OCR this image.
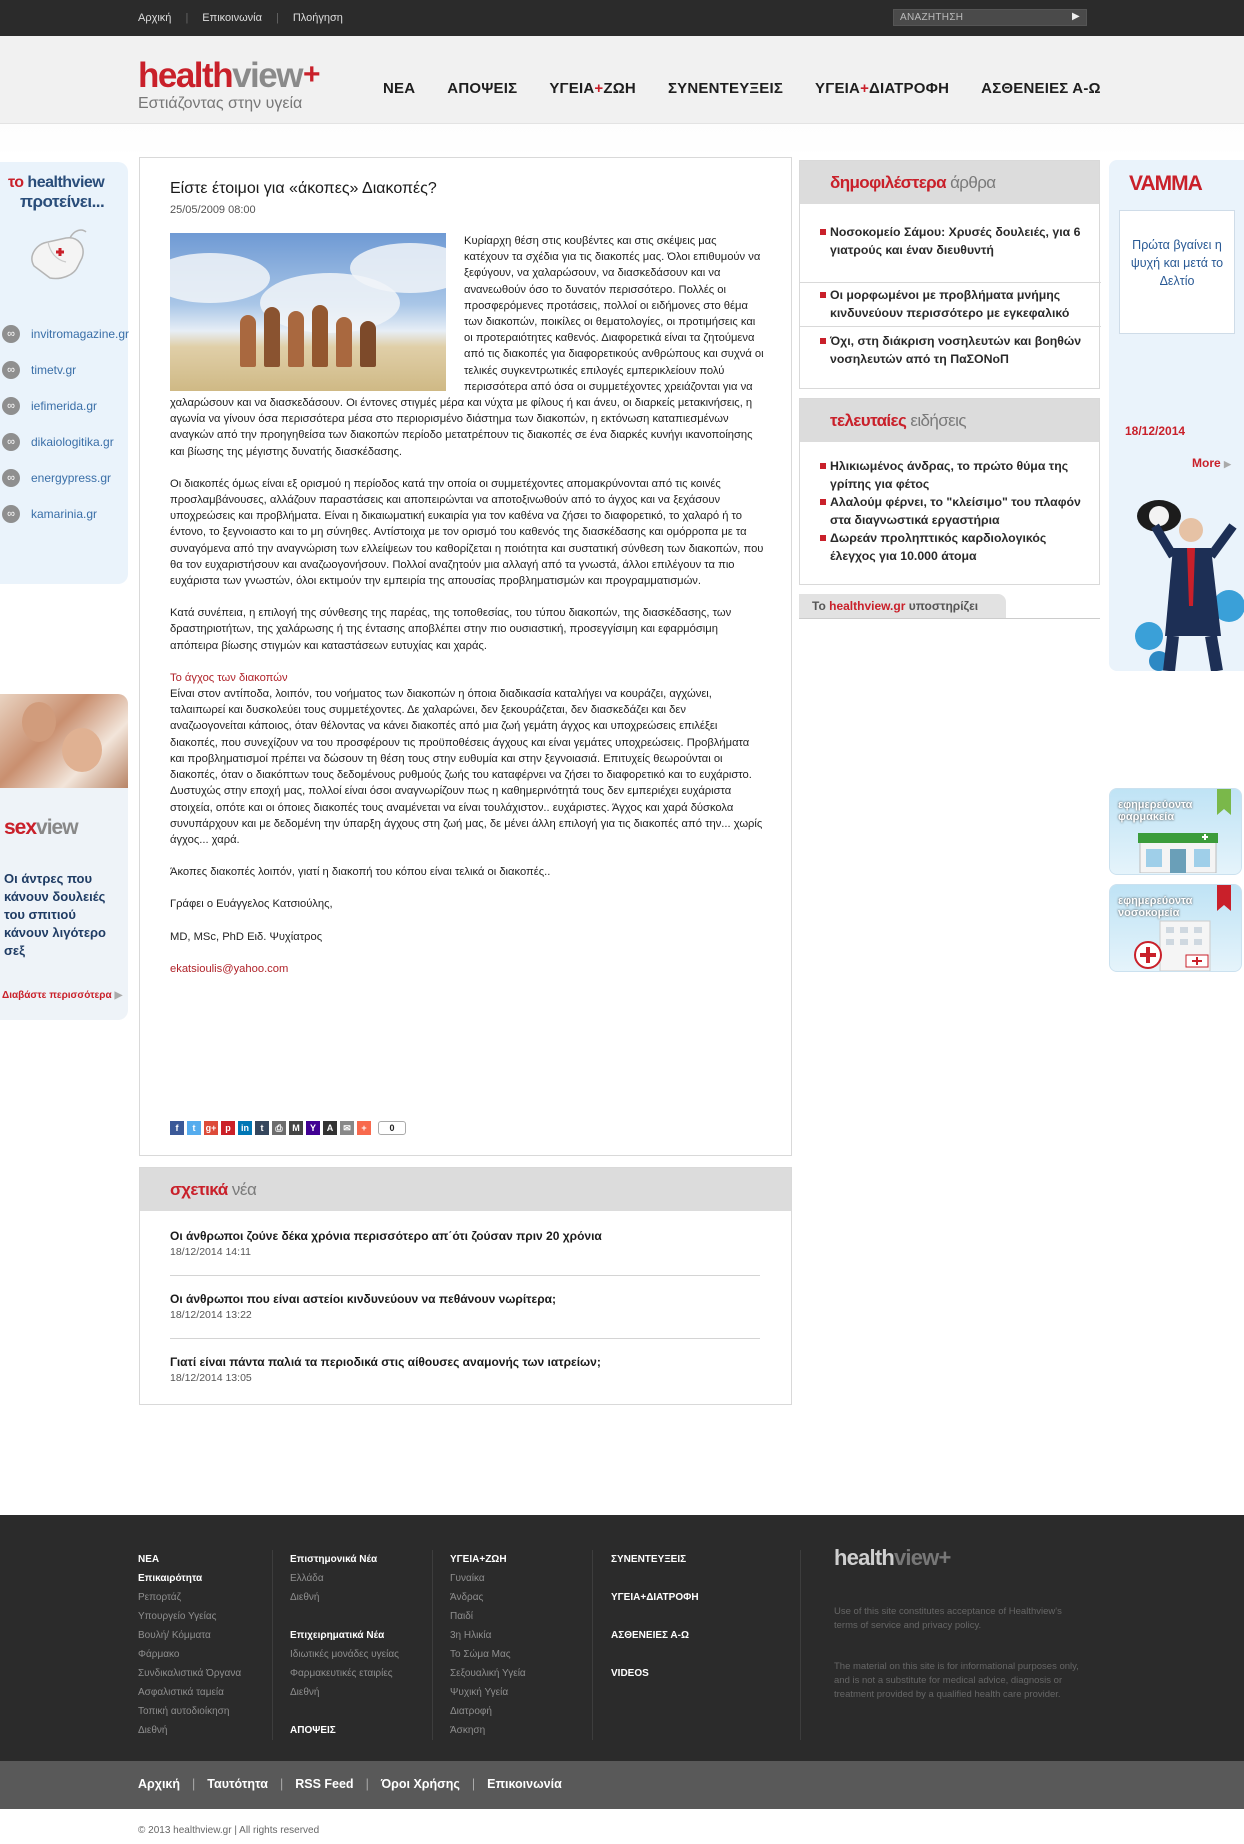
Αρχική	|	Επικοινωνία	|	Πλοήγηση	ΑΝΑΖΗΤΗΣΗ	▶
healthview+
Εστιάζοντας στην υγεία
ΝΕΑ ΑΠΟΨΕΙΣ ΥΓΕΙΑ+ΖΩΗ ΣΥΝΕΝΤΕΥΞΕΙΣ ΥΓΕΙΑ+ΔΙΑΤΡΟΦΗ ΑΣΘΕΝΕΙΕΣ Α-Ω
το healthview
προτείνει...
∞	invitromagazine.gr
∞	timetv.gr
∞	iefimerida.gr
∞	dikaiologitika.gr
∞	energypress.gr
∞	kamarinia.gr
sexview
Οι άντρες που κάνουν δουλειές του σπιτιού κάνουν λιγότερο σεξ
Διαβάστε περισσότερα ▶
Είστε έτοιμοι για «άκοπες» Διακοπές?
25/05/2009 08:00

Κυρίαρχη θέση στις κουβέντες και στις σκέψεις μας κατέχουν τα σχέδια για τις διακοπές μας. Όλοι επιθυμούν να ξεφύγουν, να χαλαρώσουν, να διασκεδάσουν και να ανανεωθούν όσο το δυνατόν περισσότερο. Πολλές οι προσφερόμενες προτάσεις, πολλοί οι ειδήμονες στο θέμα των διακοπών, ποικίλες οι θεματολογίες, οι προτιμήσεις και οι προτεραιότητες καθενός. Διαφορετικά είναι τα ζητούμενα από τις διακοπές για διαφορετικούς ανθρώπους και συχνά οι τελικές συγκεντρωτικές επιλογές εμπερικλείουν πολύ περισσότερα από όσα οι συμμετέχοντες χρειάζονται για να χαλαρώσουν και να διασκεδάσουν. Οι έντονες στιγμές μέρα και νύχτα με φίλους ή και άνευ, οι διαρκείς μετακινήσεις, η αγωνία να γίνουν όσα περισσότερα μέσα στο περιορισμένο διάστημα των διακοπών, η εκτόνωση καταπιεσμένων αναγκών από την προηγηθείσα των διακοπών περίοδο μετατρέπουν τις διακοπές σε ένα διαρκές κυνήγι ικανοποίησης και βίωσης της μέγιστης δυνατής διασκέδασης.

Οι διακοπές όμως είναι εξ ορισμού η περίοδος κατά την οποία οι συμμετέχοντες απομακρύνονται από τις κοινές προσλαμβάνουσες, αλλάζουν παραστάσεις και αποπειρώνται να αποτοξινωθούν από το άγχος και να ξεχάσουν υποχρεώσεις και προβλήματα. Είναι η δικαιωματική ευκαιρία για τον καθένα να ζήσει το διαφορετικό, το χαλαρό ή το έντονο, το ξεγνοιαστο και το μη σύνηθες. Αντίστοιχα με τον ορισμό του καθενός της διασκέδασης και ομόρροπα με τα συναγόμενα από την αναγνώριση των ελλείψεων του καθορίζεται η ποιότητα και συστατική σύνθεση των διακοπών, που θα τον ευχαριστήσουν και αναζωογονήσουν. Πολλοί αναζητούν μια αλλαγή από τα γνωστά, άλλοι επιλέγουν τα πιο ευχάριστα των γνωστών, όλοι εκτιμούν την εμπειρία της απουσίας προβληματισμών και προγραμματισμών.

Κατά συνέπεια, η επιλογή της σύνθεσης της παρέας, της τοποθεσίας, του τύπου διακοπών, της διασκέδασης, των δραστηριοτήτων, της χαλάρωσης ή της έντασης αποβλέπει στην πιο ουσιαστική, προσεγγίσιμη και εφαρμόσιμη απόπειρα βίωσης στιγμών και καταστάσεων ευτυχίας και χαράς.

Το άγχος των διακοπών

Είναι στον αντίποδα, λοιπόν, του νοήματος των διακοπών η όποια διαδικασία καταλήγει να κουράζει, αγχώνει, ταλαιπωρεί και δυσκολεύει τους συμμετέχοντες. Δε χαλαρώνει, δεν ξεκουράζεται, δεν διασκεδάζει και δεν αναζωογονείται κάποιος, όταν θέλοντας να κάνει διακοπές από μια ζωή γεμάτη άγχος και υποχρεώσεις επιλέξει διακοπές, που συνεχίζουν να του προσφέρουν τις προϋποθέσεις άγχους και είναι γεμάτες υποχρεώσεις. Προβλήματα και προβληματισμοί πρέπει να δώσουν τη θέση τους στην ευθυμία και στην ξεγνοιασιά. Επιτυχείς θεωρούνται οι διακοπές, όταν ο διακόπτων τους δεδομένους ρυθμούς ζωής του καταφέρνει να ζήσει το διαφορετικό και το ευχάριστο. Δυστυχώς στην εποχή μας, πολλοί είναι όσοι αναγνωρίζουν πως η καθημερινότητά τους δεν εμπεριέχει ευχάριστα στοιχεία, οπότε και οι όποιες διακοπές τους αναμένεται να είναι τουλάχιστον.. ευχάριστες. Άγχος και χαρά δύσκολα συνυπάρχουν και με δεδομένη την ύπαρξη άγχους στη ζωή μας, δε μένει άλλη επιλογή για τις διακοπές από την... χωρίς άγχος... χαρά.

Άκοπες διακοπές λοιπόν, γιατί η διακοπή του κόπου είναι τελικά οι διακοπές..

Γράφει ο Ευάγγελος Κατσιούλης,

MD, MSc, PhD Ειδ. Ψυχίατρος

ekatsioulis@yahoo.com

f	t	g+ p	in	t	⎙	M	Y	A	✉	+	0
σχετικά νέα
Οι άνθρωποι ζούνε δέκα χρόνια περισσότερο απ΄ότι ζούσαν πριν 20 χρόνια
18/12/2014 14:11
Οι άνθρωποι που είναι αστείοι κινδυνεύουν να πεθάνουν νωρίτερα;
18/12/2014 13:22
Γιατί είναι πάντα παλιά τα περιοδικά στις αίθουσες αναμονής των ιατρείων;
18/12/2014 13:05
δημοφιλέστερα άρθρα
Νοσοκομείο Σάμου: Χρυσές δουλειές, για 6 γιατρούς και έναν διευθυντή
Οι μορφωμένοι με προβλήματα μνήμης κινδυνεύουν περισσότερο με εγκεφαλικό
Όχι, στη διάκριση νοσηλευτών και βοηθών νοσηλευτών από τη ΠαΣΟΝοΠ
τελευταίες ειδήσεις
Ηλικιωμένος άνδρας, το πρώτο θύμα της γρίπης για φέτος
Αλαλούμ φέρνει, το "κλείσιμο" του πλαφόν στα διαγνωστικά εργαστήρια
Δωρεάν προληπτικός καρδιολογικός έλεγχος για 10.000 άτομα
Το healthview.gr υποστηρίζει
VAMMA
Πρώτα βγαίνει η ψυχή και μετά το Δελτίο
18/12/2014
More ▶
εφημερεύοντα φαρμακεία
εφημερεύοντα νοσοκομεία
ΝΕΑ
Επικαιρότητα
Ρεπορτάζ
Υπουργείο Υγείας
Βουλή/ Κόμματα
Φάρμακο
Συνδικαλιστικά Όργανα
Ασφαλιστικά ταμεία
Τοπική αυτοδιοίκηση
Διεθνή
Επιστημονικά Νέα
Ελλάδα
Διεθνή
Επιχειρηματικά Νέα
Ιδιωτικές μονάδες υγείας
Φαρμακευτικές εταιρίες
Διεθνή
ΑΠΟΨΕΙΣ
ΥΓΕΙΑ+ΖΩΗ
Γυναίκα
Άνδρας
Παιδί
3η Ηλικία
Το Σώμα Μας
Σεξουαλική Υγεία
Ψυχική Υγεία
Διατροφή
Άσκηση
ΣΥΝΕΝΤΕΥΞΕΙΣ
ΥΓΕΙΑ+ΔΙΑΤΡΟΦΗ
ΑΣΘΕΝΕΙΕΣ Α-Ω
VIDEOS
healthview+
Use of this site constitutes acceptance of Healthview's terms of service and privacy policy.
The material on this site is for informational purposes only, and is not a substitute for medical advice, diagnosis or treatment provided by a qualified health care provider.
Αρχική | Ταυτότητα | RSS Feed | Όροι Χρήσης | Επικοινωνία
© 2013 healthview.gr | All rights reserved
